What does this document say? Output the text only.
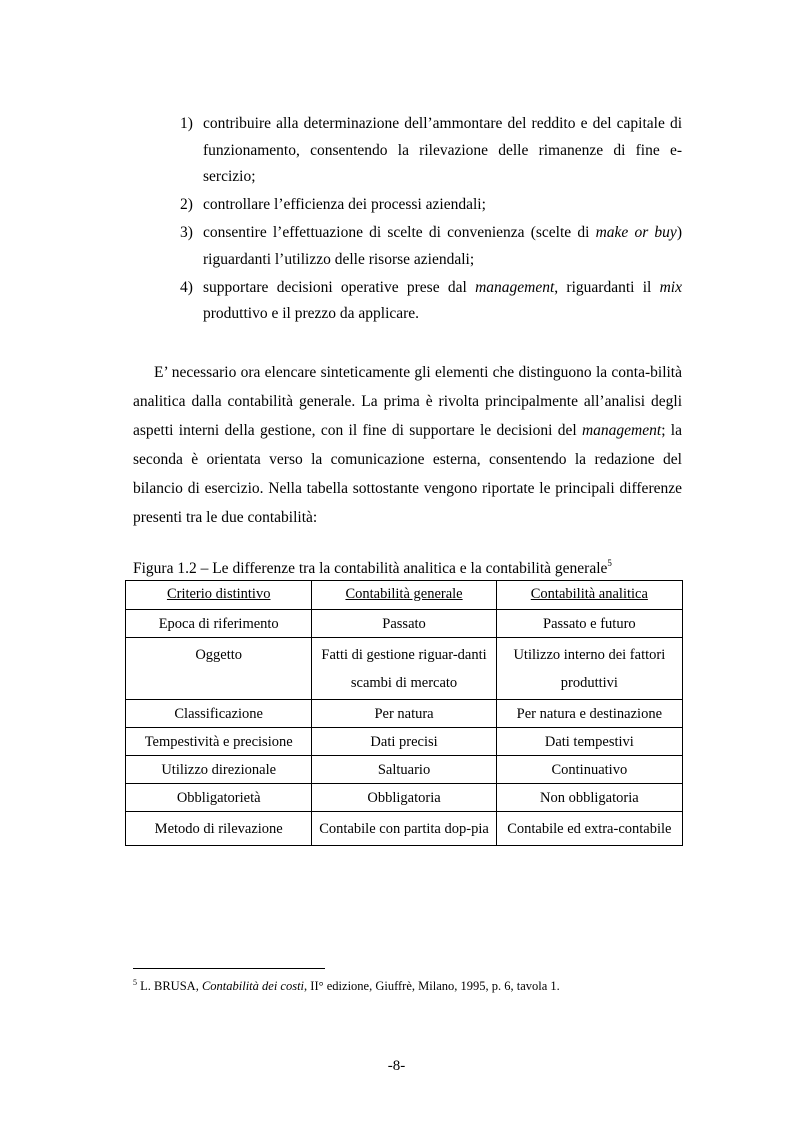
1) contribuire alla determinazione dell’ammontare del reddito e del capitale di funzionamento, consentendo la rilevazione delle rimanenze di fine e-sercizio;
2) controllare l’efficienza dei processi aziendali;
3) consentire l’effettuazione di scelte di convenienza (scelte di make or buy) riguardanti l’utilizzo delle risorse aziendali;
4) supportare decisioni operative prese dal management, riguardanti il mix produttivo e il prezzo da applicare.

E’ necessario ora elencare sinteticamente gli elementi che distinguono la conta-bilità analitica dalla contabilità generale. La prima è rivolta principalmente all’analisi degli aspetti interni della gestione, con il fine di supportare le decisioni del management; la seconda è orientata verso la comunicazione esterna, consentendo la redazione del bilancio di esercizio. Nella tabella sottostante vengono riportate le principali differenze presenti tra le due contabilità:

Figura 1.2 – Le differenze tra la contabilità analitica e la contabilità generale$^5$
Criterio distintivo	Contabilità generale	Contabilità analitica
Epoca di riferimento	Passato	Passato e futuro
Oggetto	Fatti di gestione riguar-danti scambi di mercato	Utilizzo interno dei fattori produttivi
Classificazione	Per natura	Per natura e destinazione
Tempestività e precisione	Dati precisi	Dati tempestivi
Utilizzo direzionale	Saltuario	Continuativo
Obbligatorietà	Obbligatoria	Non obbligatoria
Metodo di rilevazione	Contabile con partita dop-pia	Contabile ed extra-contabile
$^5$ L. BRUSA, Contabilità dei costi, II° edizione, Giuffrè, Milano, 1995, p. 6, tavola 1.
-8-
